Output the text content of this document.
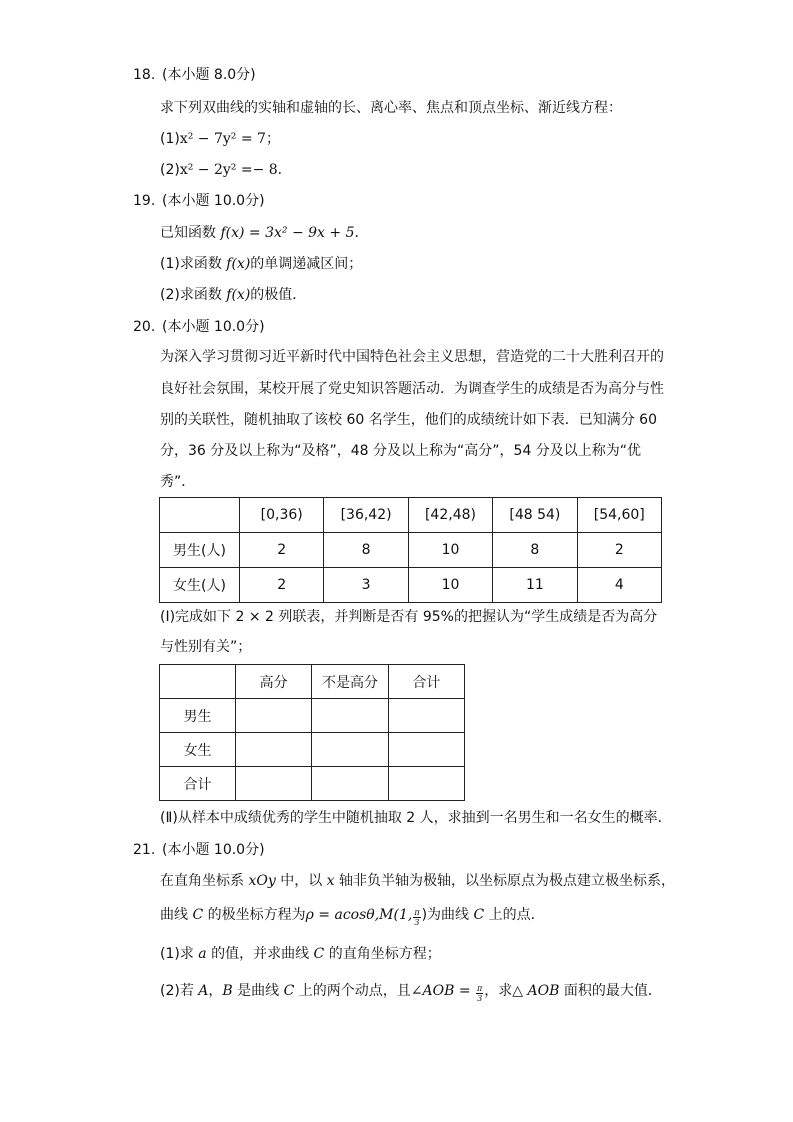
18. (本小题 8.0分)
求下列双曲线的实轴和虚轴的长、离心率、焦点和顶点坐标、渐近线方程：
(1)x² − 7y² = 7；
(2)x² − 2y² =− 8．
19. (本小题 10.0分)
已知函数 f(x) = 3x² − 9x + 5．
(1)求函数 f(x)的单调递减区间；
(2)求函数 f(x)的极值．
20. (本小题 10.0分)
为深入学习贯彻习近平新时代中国特色社会主义思想，营造党的二十大胜利召开的
良好社会氛围，某校开展了党史知识答题活动．为调查学生的成绩是否为高分与性
别的关联性，随机抽取了该校 60 名学生，他们的成绩统计如下表．已知满分 60
分，36 分及以上称为“及格”，48 分及以上称为“高分”，54 分及以上称为“优
秀”．
	[0,36)	[36,42)	[42,48)	[48 54)	[54,60]
男生(人)	2	8	10	8	2
女生(人)	2	3	10	11	4
(Ⅰ)完成如下 2 × 2 列联表，并判断是否有 95%的把握认为“学生成绩是否为高分
与性别有关”；
	高分	不是高分	合计
男生			
女生			
合计			
(Ⅱ)从样本中成绩优秀的学生中随机抽取 2 人，求抽到一名男生和一名女生的概率．
21. (本小题 10.0分)
在直角坐标系 xOy 中，以 x 轴非负半轴为极轴，以坐标原点为极点建立极坐标系，
曲线 C 的极坐标方程为ρ = acosθ,M(1, $\frac{\pi}{3}$ )为曲线 C 上的点．
(1)求 a 的值，并求曲线 C 的直角坐标方程；
(2)若 A，B 是曲线 C 上的两个动点，且∠AOB = $\frac{\pi}{3}$ ，求△ AOB 面积的最大值．
